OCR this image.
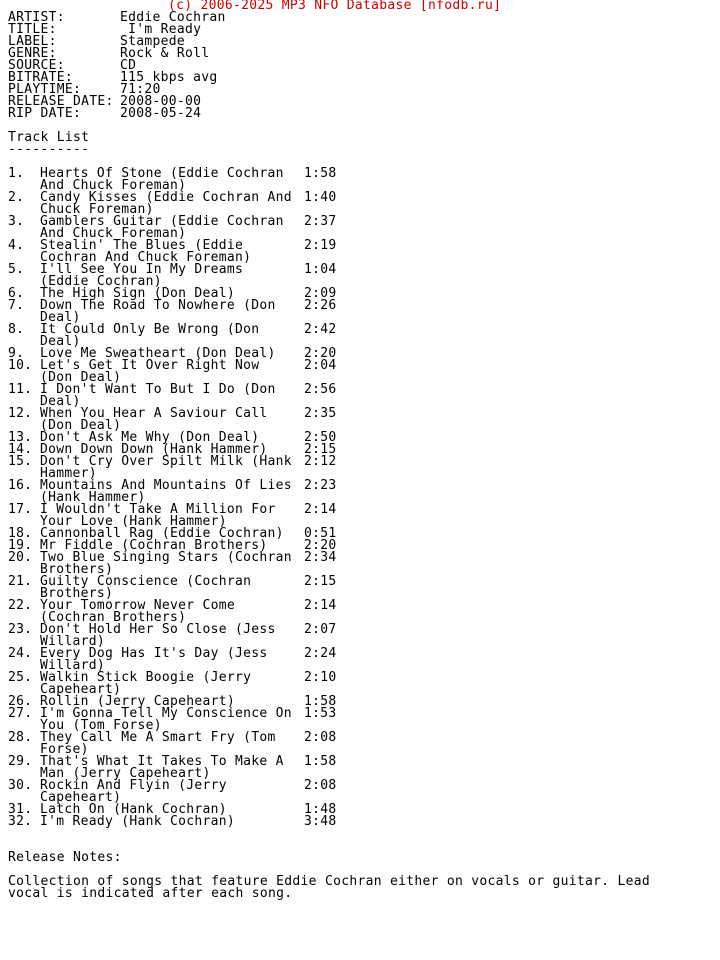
(c) 2006-2025 MP3 NFO Database [nfodb.ru]
ARTIST:	Eddie Cochran
TITLE:	I'm Ready
LABEL:	Stampede
GENRE:	Rock & Roll
SOURCE:	CD
BITRATE:	115 kbps avg
PLAYTIME:	71:20
RELEASE DATE: 2008-00-00
RIP DATE:	2008-05-24
Track List
----------
1. Hearts Of Stone (Eddie Cochran 1:58
And Chuck Foreman)
2. Candy Kisses (Eddie Cochran And 1:40
Chuck Foreman)
3. Gamblers Guitar (Eddie Cochran 2:37
And Chuck Foreman)
4. Stealin' The Blues (Eddie	2:19
Cochran And Chuck Foreman)
5. I'll See You In My Dreams	1:04
(Eddie Cochran)
6. The High Sign (Don Deal)	2:09
7. Down The Road To Nowhere (Don 2:26
Deal)
8. It Could Only Be Wrong (Don	2:42
Deal)
9. Love Me Sweatheart (Don Deal) 2:20
10. Let's Get It Over Right Now	2:04
(Don Deal)
11. I Don't Want To But I Do (Don 2:56
Deal)
12. When You Hear A Saviour Call	2:35
(Don Deal)
13. Don't Ask Me Why (Don Deal)	2:50
14. Down Down Down (Hank Hammer)	2:15
15. Don't Cry Over Spilt Milk (Hank 2:12
Hammer)
16. Mountains And Mountains Of Lies 2:23
(Hank Hammer)
17. I Wouldn't Take A Million For 2:14
Your Love (Hank Hammer)
18. Cannonball Rag (Eddie Cochran) 0:51
19. Mr Fiddle (Cochran Brothers)	2:20
20. Two Blue Singing Stars (Cochran 2:34
Brothers)
21. Guilty Conscience (Cochran	2:15
Brothers)
22. Your Tomorrow Never Come	2:14
(Cochran Brothers)
23. Don't Hold Her So Close (Jess 2:07
Willard)
24. Every Dog Has It's Day (Jess	2:24
Willard)
25. Walkin Stick Boogie (Jerry	2:10
Capeheart)
26. Rollin (Jerry Capeheart)	1:58
27. I'm Gonna Tell My Conscience On 1:53
You (Tom Forse)
28. They Call Me A Smart Fry (Tom 2:08
Forse)
29. That's What It Takes To Make A 1:58
Man (Jerry Capeheart)
30. Rockin And Flyin (Jerry	2:08
Capeheart)
31. Latch On (Hank Cochran)	1:48
32. I'm Ready (Hank Cochran)	3:48
Release Notes:
Collection of songs that feature Eddie Cochran either on vocals or guitar. Lead
vocal is indicated after each song.
